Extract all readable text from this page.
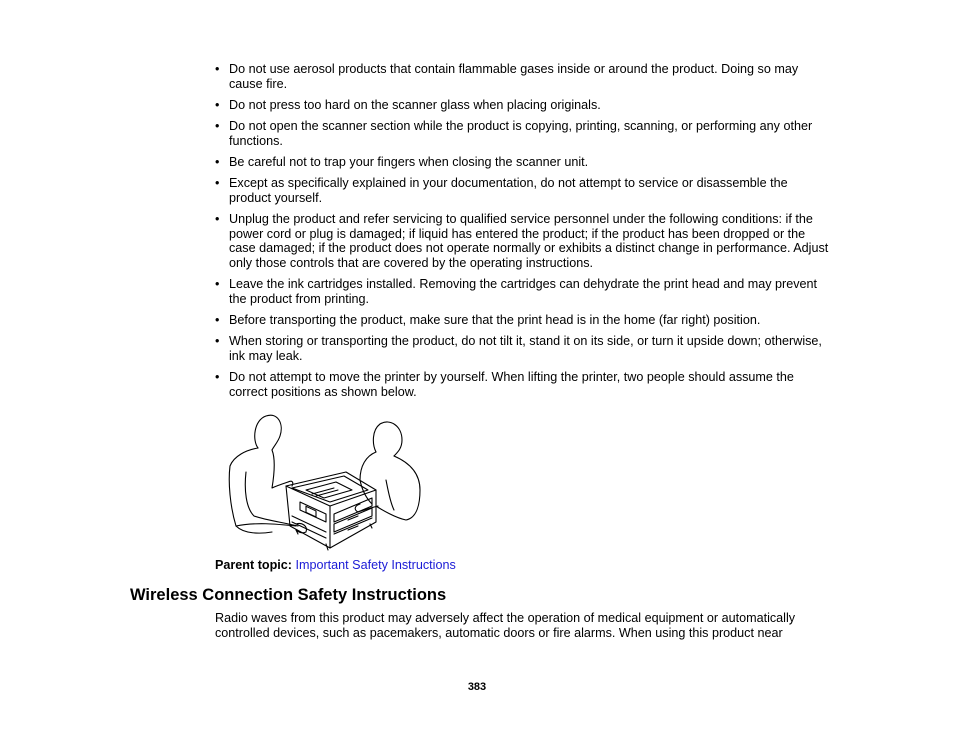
• Do not use aerosol products that contain flammable gases inside or around the product. Doing so may cause fire.
• Do not press too hard on the scanner glass when placing originals.
• Do not open the scanner section while the product is copying, printing, scanning, or performing any other functions.
• Be careful not to trap your fingers when closing the scanner unit.
• Except as specifically explained in your documentation, do not attempt to service or disassemble the product yourself.
• Unplug the product and refer servicing to qualified service personnel under the following conditions: if the power cord or plug is damaged; if liquid has entered the product; if the product has been dropped or the case damaged; if the product does not operate normally or exhibits a distinct change in performance. Adjust only those controls that are covered by the operating instructions.
• Leave the ink cartridges installed. Removing the cartridges can dehydrate the print head and may prevent the product from printing.
• Before transporting the product, make sure that the print head is in the home (far right) position.
• When storing or transporting the product, do not tilt it, stand it on its side, or turn it upside down; otherwise, ink may leak.
• Do not attempt to move the printer by yourself. When lifting the printer, two people should assume the correct positions as shown below.
Parent topic: Important Safety Instructions
Wireless Connection Safety Instructions

Radio waves from this product may adversely affect the operation of medical equipment or automatically controlled devices, such as pacemakers, automatic doors or fire alarms. When using this product near

383
